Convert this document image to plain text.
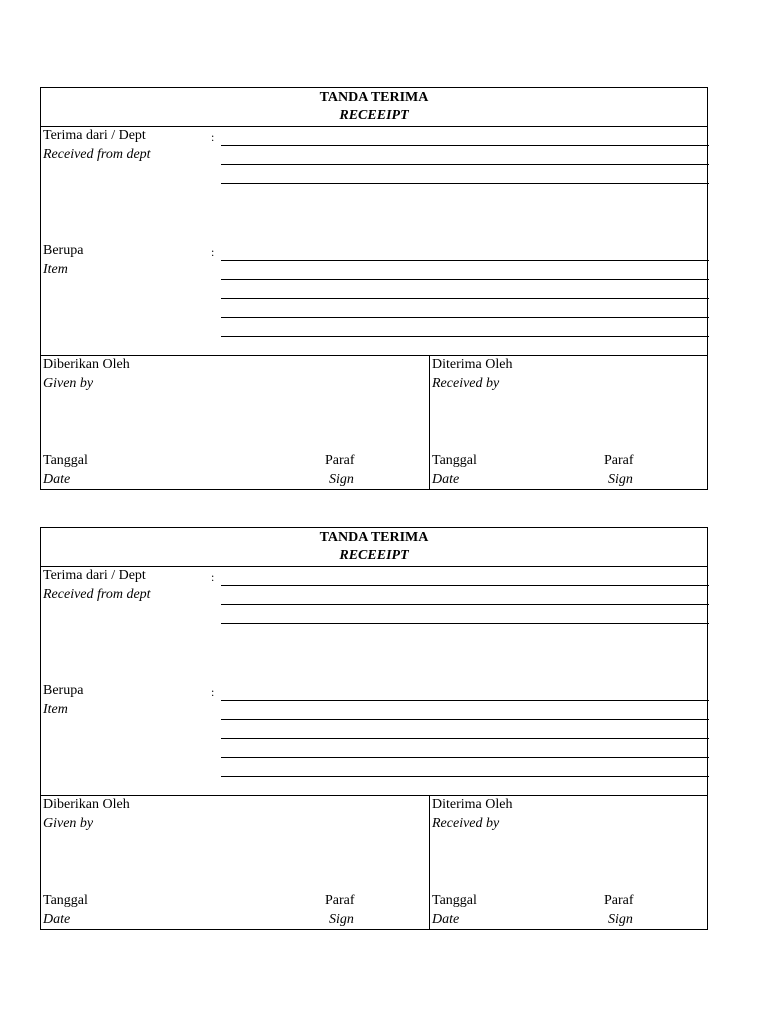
TANDA TERIMA
RECEEIPT
Terima dari / Dept
Received from dept
:
Berupa
Item
:
Diberikan Oleh
Given by
Diterima Oleh
Received by
Tanggal
Date
Paraf
Sign
Tanggal
Date
Paraf
Sign
TANDA TERIMA
RECEEIPT
Terima dari / Dept
Received from dept
:
Berupa
Item
:
Diberikan Oleh
Given by
Diterima Oleh
Received by
Tanggal
Date
Paraf
Sign
Tanggal
Date
Paraf
Sign
